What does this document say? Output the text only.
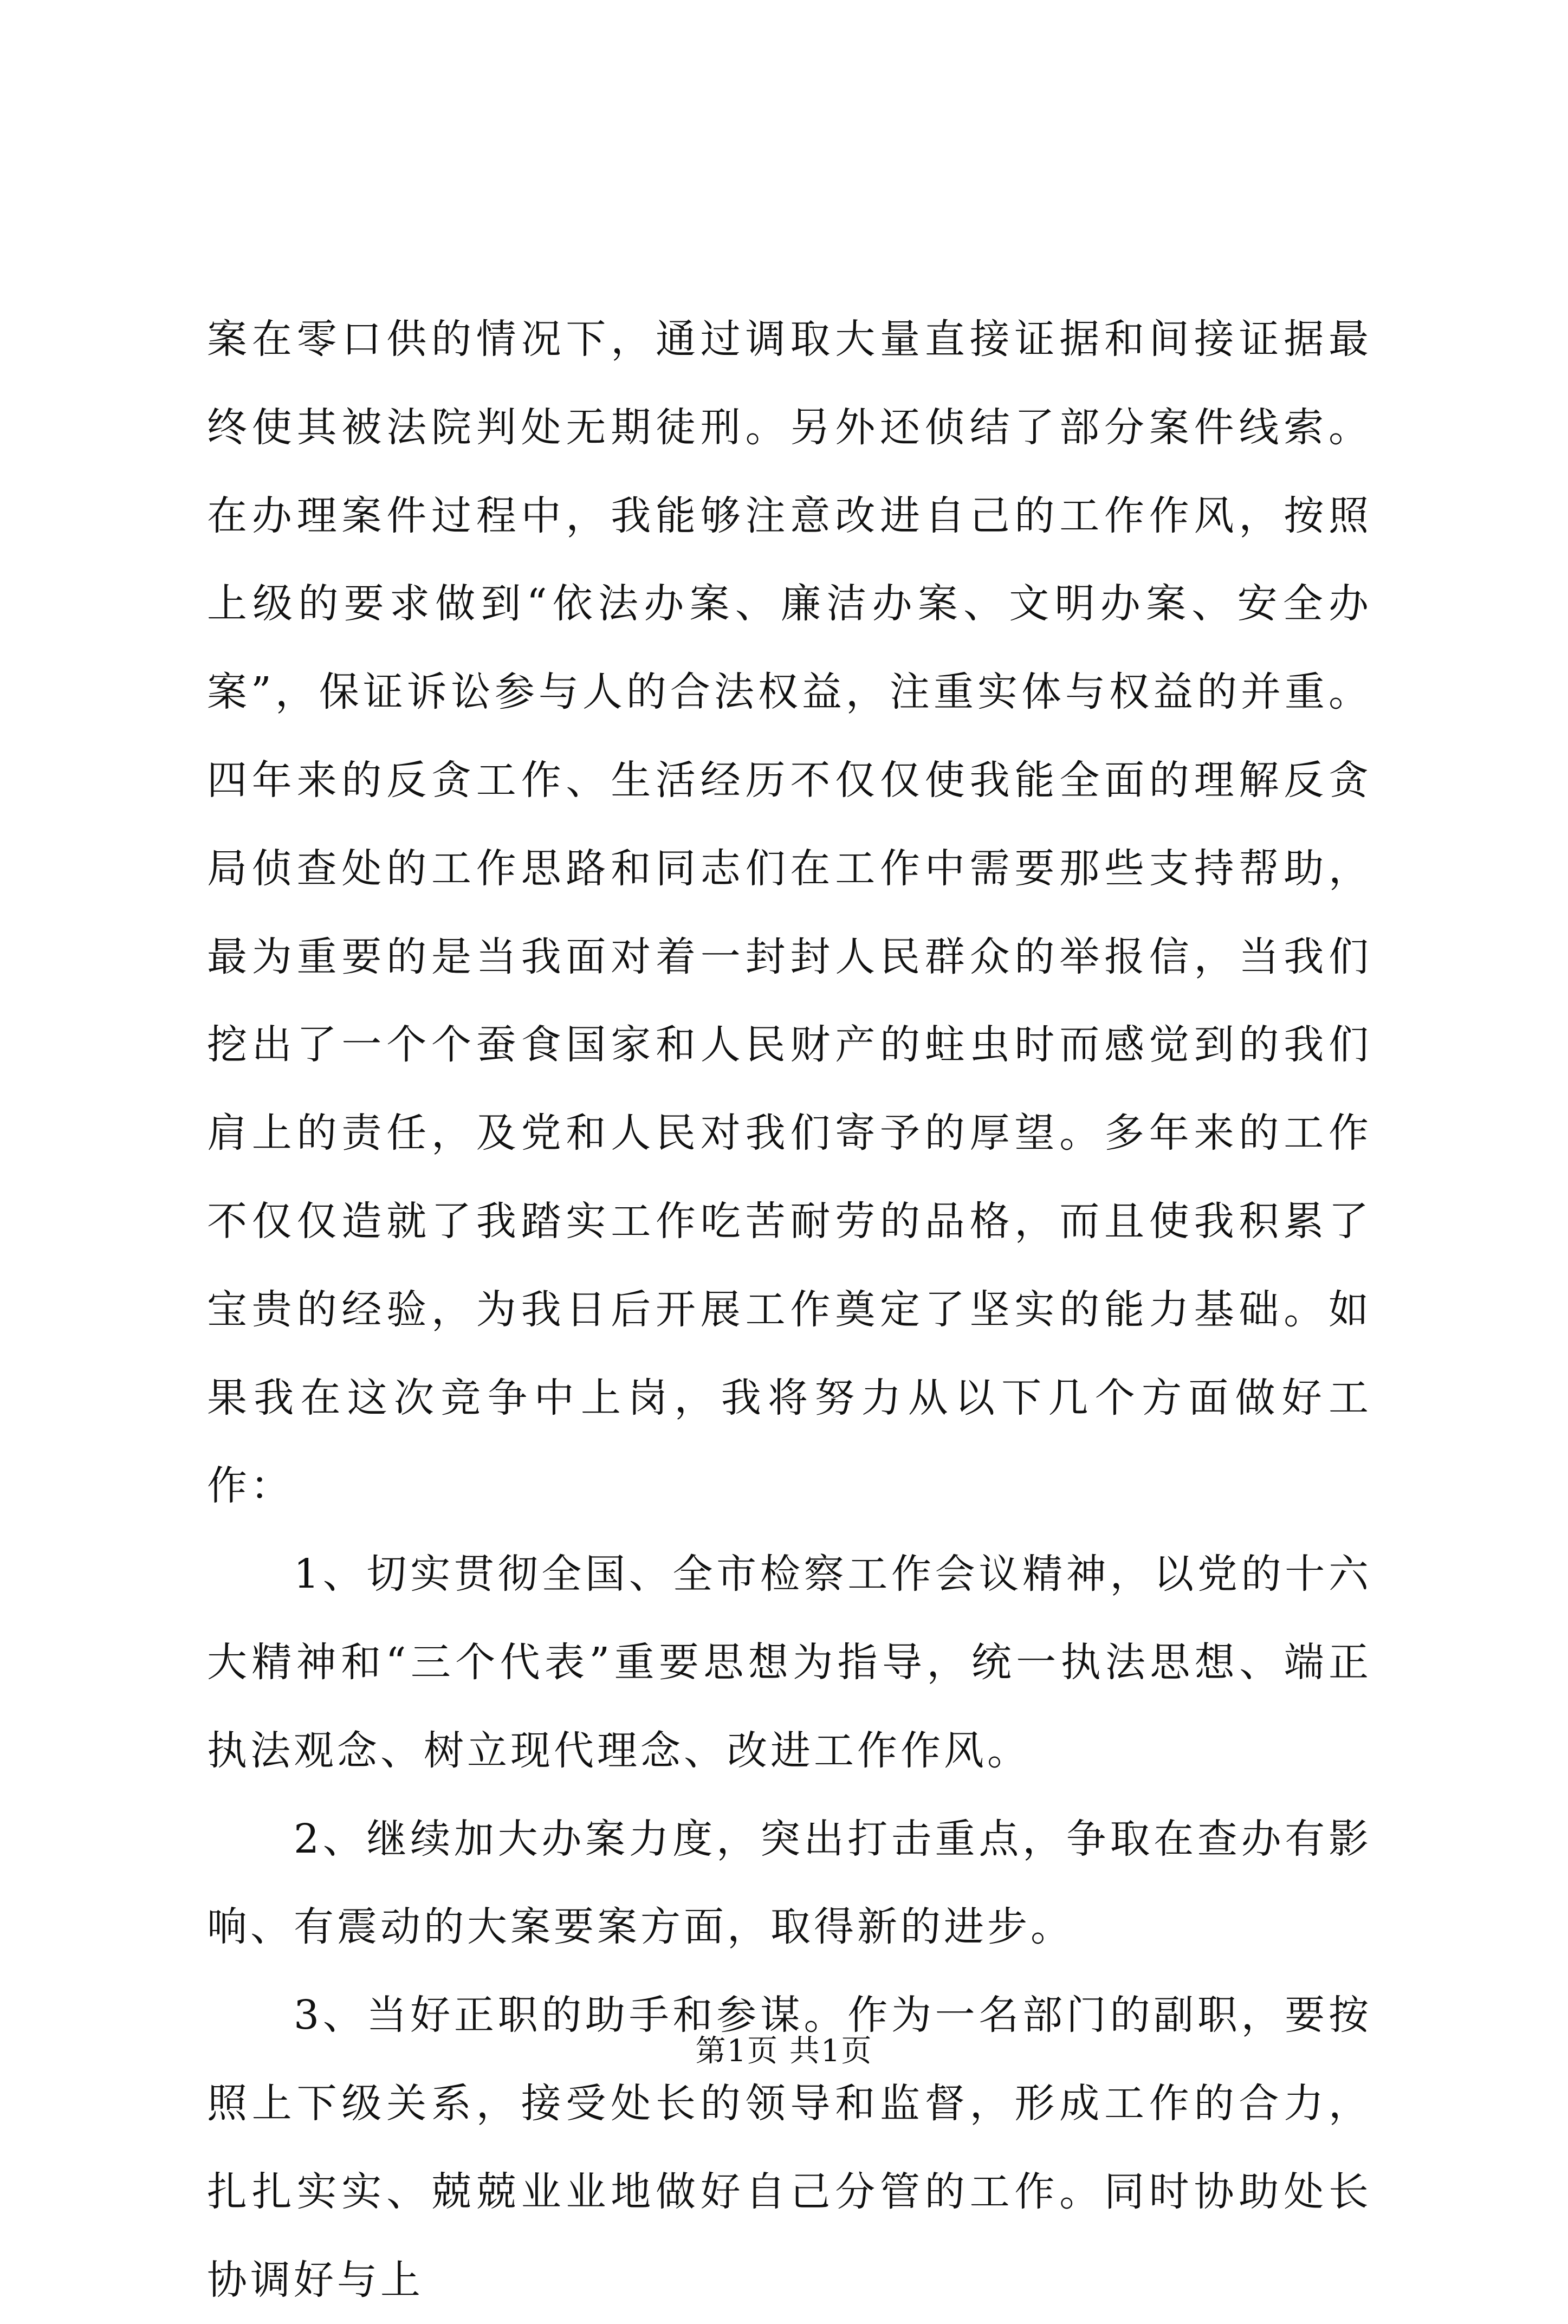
案在零口供的情况下，通过调取大量直接证据和间接证据最终使其被法院判处无期徒刑。另外还侦结了部分案件线索。在办理案件过程中，我能够注意改进自己的工作作风，按照上级的要求做到“依法办案、廉洁办案、文明办案、安全办案”，保证诉讼参与人的合法权益，注重实体与权益的并重。四年来的反贪工作、生活经历不仅仅使我能全面的理解反贪局侦查处的工作思路和同志们在工作中需要那些支持帮助，最为重要的是当我面对着一封封人民群众的举报信，当我们挖出了一个个蚕食国家和人民财产的蛀虫时而感觉到的我们肩上的责任，及党和人民对我们寄予的厚望。多年来的工作不仅仅造就了我踏实工作吃苦耐劳的品格，而且使我积累了宝贵的经验，为我日后开展工作奠定了坚实的能力基础。如果我在这次竞争中上岗，我将努力从以下几个方面做好工作：

1、切实贯彻全国、全市检察工作会议精神，以党的十六大精神和“三个代表”重要思想为指导，统一执法思想、端正执法观念、树立现代理念、改进工作作风。

2、继续加大办案力度，突出打击重点，争取在查办有影响、有震动的大案要案方面，取得新的进步。

3、当好正职的助手和参谋。作为一名部门的副职，要按照上下级关系，接受处长的领导和监督，形成工作的合力，扎扎实实、兢兢业业地做好自己分管的工作。同时协助处长协调好与上

第1页 共1页
